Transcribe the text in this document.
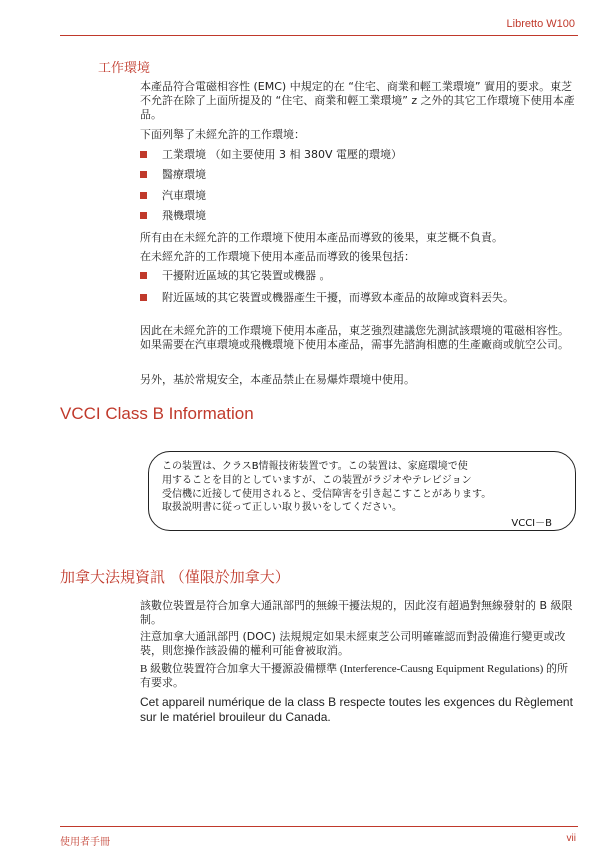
Libretto W100
工作環境
本產品符合電磁相容性 (EMC) 中規定的在 “住宅、商業和輕工業環境” 實用的要求。東芝不允許在除了上面所提及的 “住宅、商業和輕工業環境” z 之外的其它工作環境下使用本產品。
下面列舉了未經允許的工作環境：
工業環境 （如主要使用 3 相 380V 電壓的環境）
醫療環境
汽車環境
飛機環境
所有由在未經允許的工作環境下使用本產品而導致的後果，東芝概不負責。
在未經允許的工作環境下使用本產品而導致的後果包括：
干擾附近區域的其它裝置或機器 。
附近區域的其它裝置或機器產生干擾，而導致本產品的故障或資料丟失。
因此在未經允許的工作環境下使用本產品，東芝強烈建議您先測試該環境的電磁相容性。如果需要在汽車環境或飛機環境下使用本產品，需事先諮詢相應的生產廠商或航空公司。
另外，基於常規安全，本產品禁止在易爆炸環境中使用。
VCCI Class B Information
この装置は、クラスB情報技術装置です。この装置は、家庭環境で使
用することを目的としていますが、この装置がラジオやテレビジョン
受信機に近接して使用されると、受信障害を引き起こすことがあります。
取扱説明書に従って正しい取り扱いをしてください。
VCCI－B
加拿大法規資訊 （僅限於加拿大）
該數位裝置是符合加拿大通訊部門的無線干擾法規的，因此沒有超過對無線發射的 B 級限制。
注意加拿大通訊部門 (DOC) 法規規定如果未經東芝公司明確確認而對設備進行變更或改裝，則您操作該設備的權利可能會被取消。
B 級數位裝置符合加拿大干擾源設備標準 (Interference-Causng Equipment Regulations) 的所有要求。
Cet appareil numérique de la class B respecte toutes les exgences du Règlement sur le matériel brouileur du Canada.
使用者手冊	vii
